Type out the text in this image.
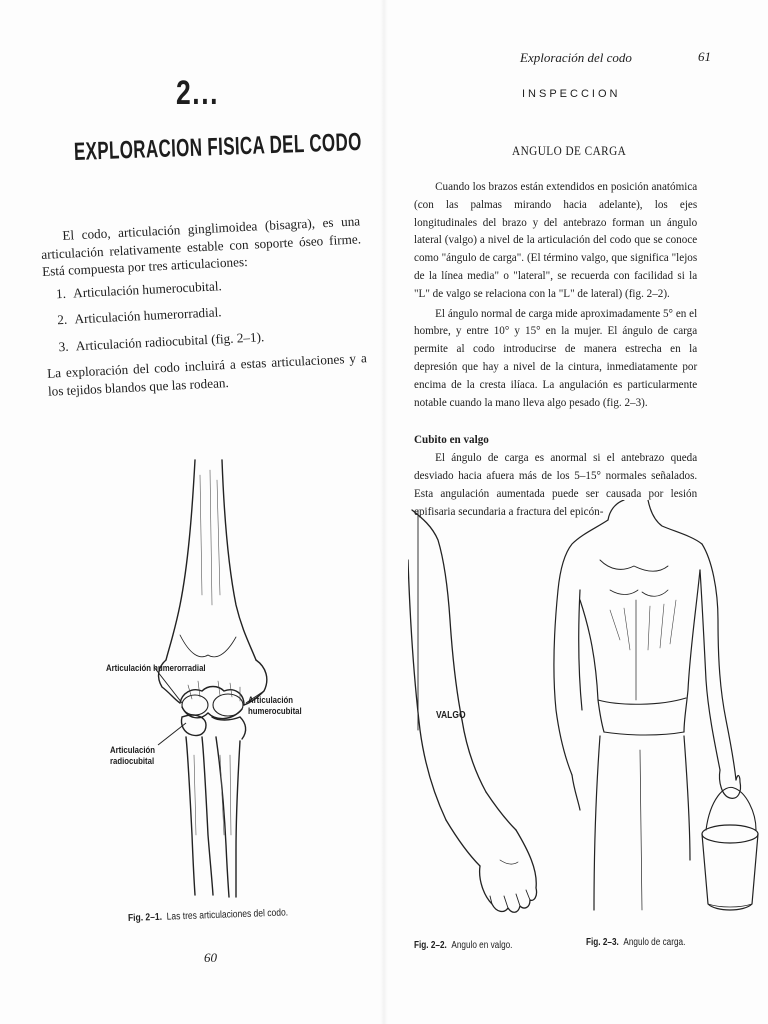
2...
EXPLORACION FISICA DEL CODO

El codo, articulación ginglimoidea (bisagra), es una articulación relativamente estable con soporte óseo firme. Está compuesta por tres articulaciones:

1. Articulación humerocubital.
2. Articulación humerorradial.
3. Articulación radiocubital (fig. 2–1).

La exploración del codo incluirá a estas articulaciones y a los tejidos blandos que las rodean.

Articulación humerorradial
Articulación humerocubital
Articulación radiocubital
Fig. 2–1. Las tres articulaciones del codo.
60
Exploración del codo	61
INSPECCION
ANGULO DE CARGA

Cuando los brazos están extendidos en posición anatómica (con las palmas mirando hacia adelante), los ejes longitudinales del brazo y del antebrazo forman un ángulo lateral (valgo) a nivel de la articulación del codo que se conoce como "ángulo de carga". (El término valgo, que significa "lejos de la línea media" o "lateral", se recuerda con facilidad si la "L" de valgo se relaciona con la "L" de lateral) (fig. 2–2).

El ángulo normal de carga mide aproximadamente 5° en el hombre, y entre 10° y 15° en la mujer. El ángulo de carga permite al codo introducirse de manera estrecha en la depresión que hay a nivel de la cintura, inmediatamente por encima de la cresta ilíaca. La angulación es particularmente notable cuando la mano lleva algo pesado (fig. 2–3).

Cubito en valgo

El ángulo de carga es anormal si el antebrazo queda desviado hacia afuera más de los 5–15° normales señalados. Esta angulación aumentada puede ser causada por lesión epifisaria secundaria a fractura del epicón-

VALGO
Fig. 2–2. Angulo en valgo.	Fig. 2–3. Angulo de carga.
